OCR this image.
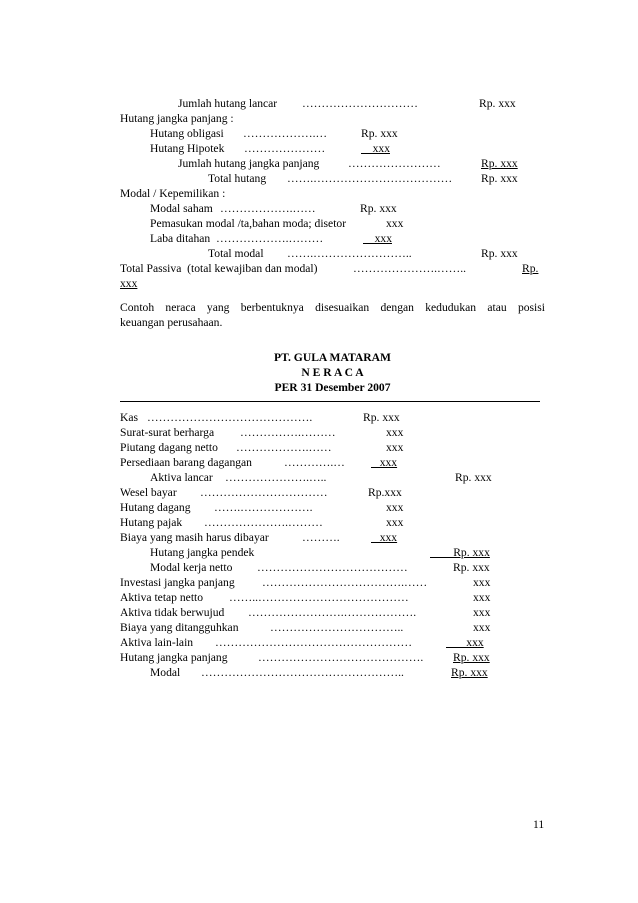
Jumlah hutang lancar …………………………	Rp. xxx
Hutang jangka panjang :
Hutang obligasi ……………….…	Rp. xxx
Hutang Hipotek …………………	xxx
Jumlah hutang jangka panjang ……………………	Rp. xxx
Total hutang …….……………………………… Rp. xxx
Modal / Kepemilikan :
Modal saham ……………….……	Rp. xxx
Pemasukan modal /ta,bahan moda; disetor	xxx
Laba ditahan ……………….………	xxx
Total modal …….……………………..	Rp. xxx
Total Passiva  (total kewajiban dan modal)	………………….……..	Rp.
xxx
Contoh neraca yang berbentuknya disesuaikan dengan kedudukan atau posisi
keuangan perusahaan.
PT. GULA MATARAM
N E R A C A
PER 31 Desember 2007
Kas …………………………………….	Rp. xxx
Surat-surat berharga …………….………	xxx
Piutang dagang netto ……………….……	xxx
Persediaan barang dagangan	………….… xxx
Aktiva lancar ………………….…..	Rp. xxx
Wesel bayar ……………………………	Rp.xxx
Hutang dagang …….……………….	xxx
Hutang pajak ………………….………	xxx
Biaya yang masih harus dibayar	……….	xxx
Hutang jangka pendek	Rp. xxx
Modal kerja netto …………………………………	Rp. xxx
Investasi jangka panjang ……………………………….……	xxx
Aktiva tetap netto ……..…………………………………	xxx
Aktiva tidak berwujud …………………….……………….	xxx
Biaya yang ditangguhkan	……………………………..	xxx
Aktiva lain-lain ……………………………………………	xxx
Hutang jangka panjang	…………………………………….	Rp. xxx
Modal ……………………………………………..	Rp. xxx
11
